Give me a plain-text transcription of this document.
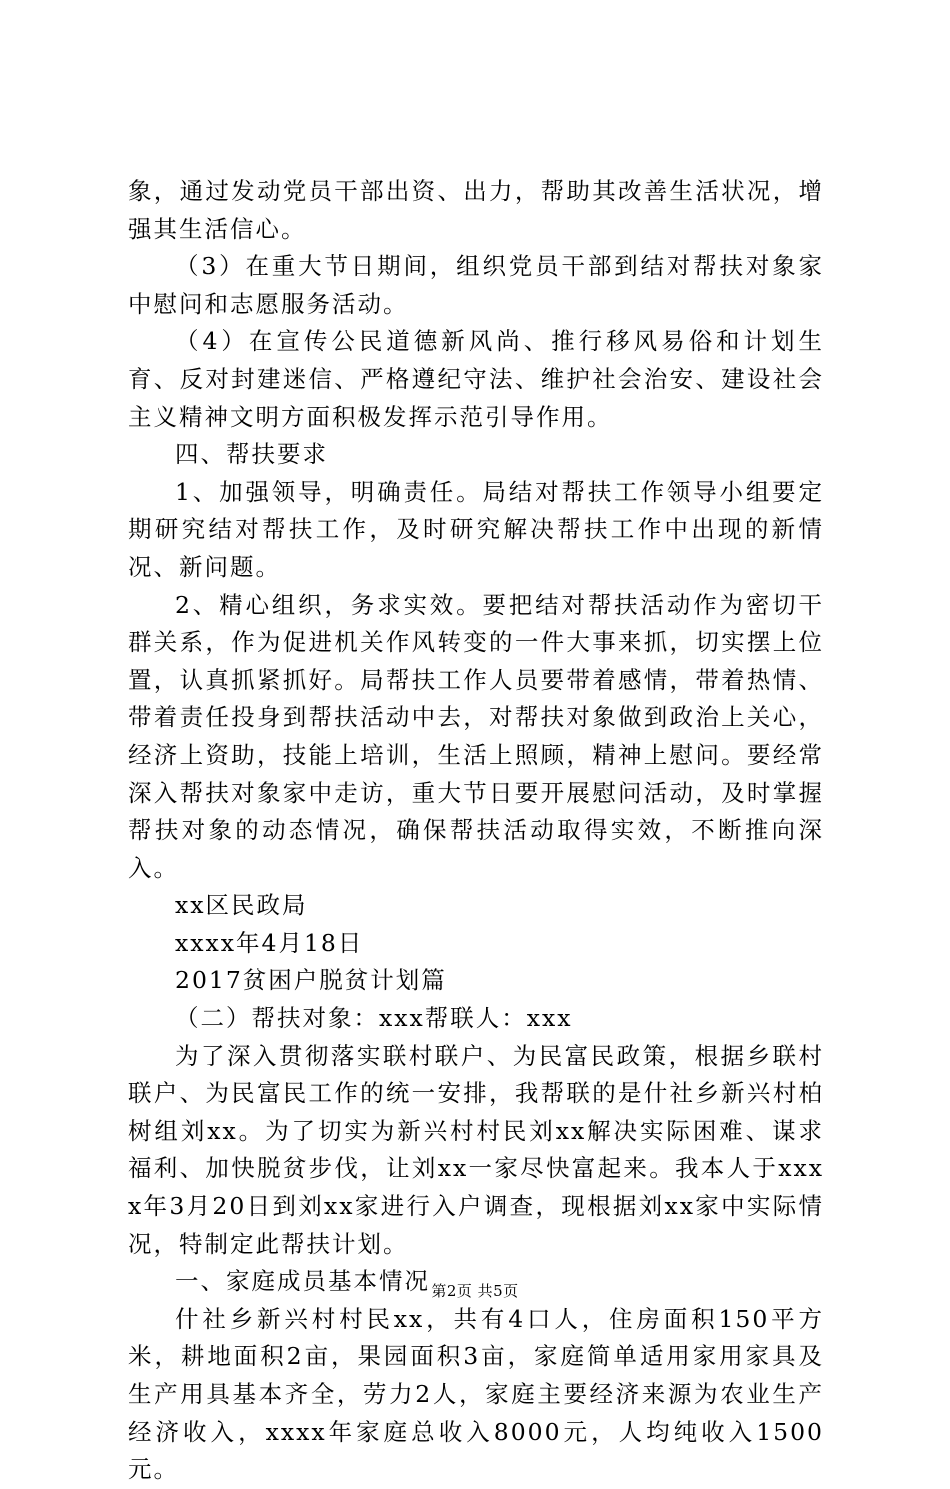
象，通过发动党员干部出资、出力，帮助其改善生活状况，增强其生活信心。

（3）在重大节日期间，组织党员干部到结对帮扶对象家中慰问和志愿服务活动。

（4）在宣传公民道德新风尚、推行移风易俗和计划生育、反对封建迷信、严格遵纪守法、维护社会治安、建设社会主义精神文明方面积极发挥示范引导作用。

四、帮扶要求

1、加强领导，明确责任。局结对帮扶工作领导小组要定期研究结对帮扶工作，及时研究解决帮扶工作中出现的新情况、新问题。

2、精心组织，务求实效。要把结对帮扶活动作为密切干群关系，作为促进机关作风转变的一件大事来抓，切实摆上位置，认真抓紧抓好。局帮扶工作人员要带着感情，带着热情、带着责任投身到帮扶活动中去，对帮扶对象做到政治上关心，经济上资助，技能上培训，生活上照顾，精神上慰问。要经常深入帮扶对象家中走访，重大节日要开展慰问活动，及时掌握帮扶对象的动态情况，确保帮扶活动取得实效，不断推向深入。

xx区民政局

xxxx年4月18日

2017贫困户脱贫计划篇

（二）帮扶对象：xxx帮联人：xxx

为了深入贯彻落实联村联户、为民富民政策，根据乡联村联户、为民富民工作的统一安排，我帮联的是什社乡新兴村柏树组刘xx。为了切实为新兴村村民刘xx解决实际困难、谋求福利、加快脱贫步伐，让刘xx一家尽快富起来。我本人于xxxx年3月20日到刘xx家进行入户调查，现根据刘xx家中实际情况，特制定此帮扶计划。

一、家庭成员基本情况

什社乡新兴村村民xx，共有4口人，住房面积150平方米，耕地面积2亩，果园面积3亩，家庭简单适用家用家具及生产用具基本齐全，劳力2人，家庭主要经济来源为农业生产经济收入，xxxx年家庭总收入8000元，人均纯收入1500元。

第2页 共5页
